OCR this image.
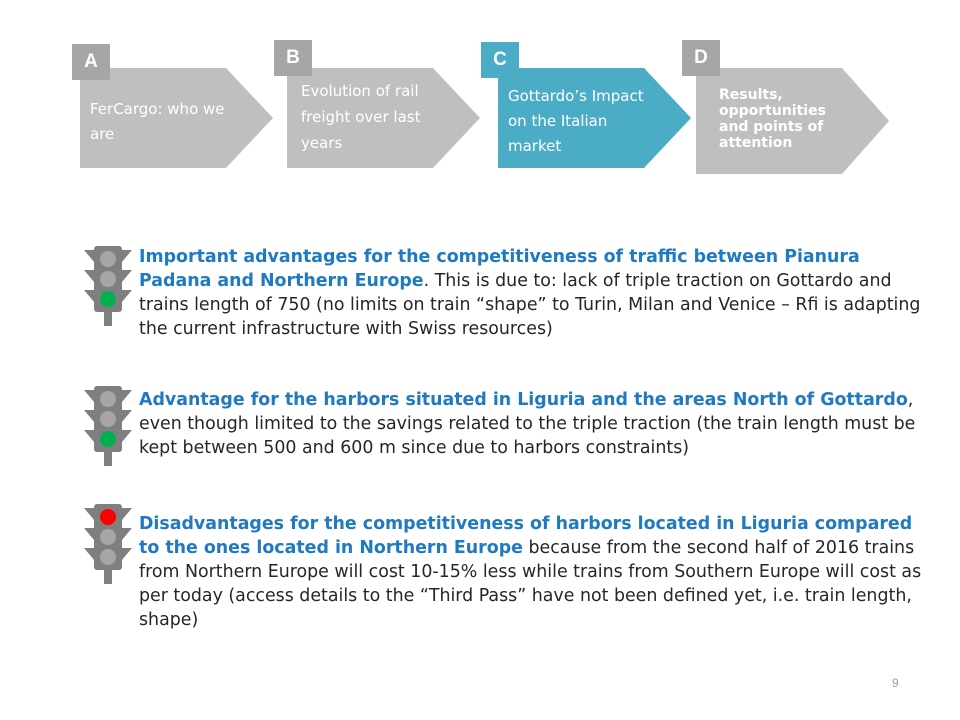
A
FerCargo: who we are
B
Evolution of rail freight over last years
C
Gottardo’s Impact on the Italian market
D
Results, opportunities and points of attention
Important advantages for the competitiveness of traffic between Pianura Padana and Northern Europe. This is due to: lack of triple traction on Gottardo and trains length of 750 (no limits on train “shape” to Turin, Milan and Venice – Rfi is adapting the current infrastructure with Swiss resources)
Advantage for the harbors situated in Liguria and the areas North of Gottardo, even though limited to the savings related to the triple traction (the train length must be kept between 500 and 600 m since due to harbors constraints)
Disadvantages for the competitiveness of harbors located in Liguria compared to the ones located in Northern Europe because from the second half of 2016 trains from Northern Europe will cost 10-15% less while trains from Southern Europe will cost as per today (access details to the “Third Pass” have not been defined yet, i.e. train length, shape)
9
